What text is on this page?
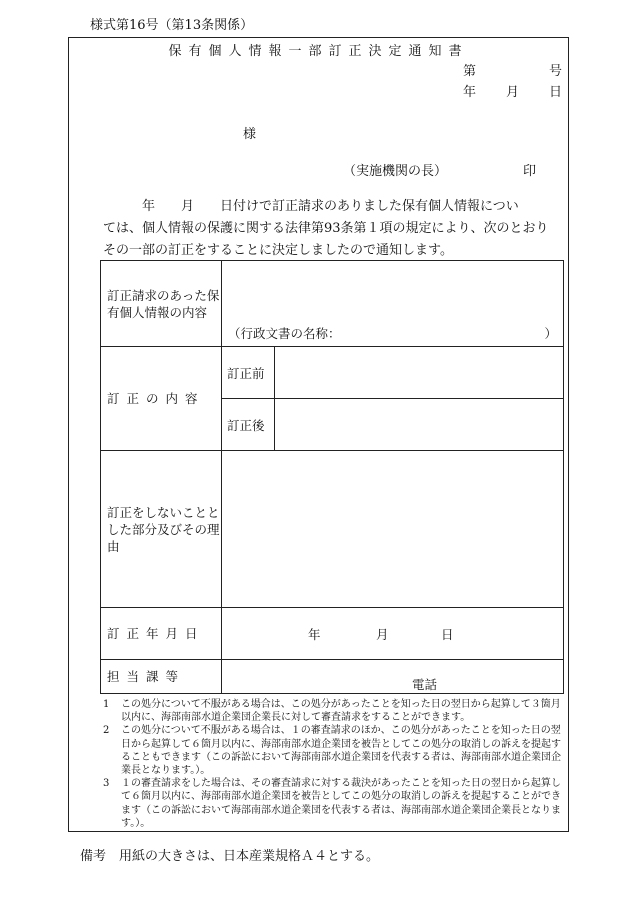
様式第16号（第13条関係）
保有個人情報一部訂正決定通知書
第	号
年 月 日
様
（実施機関の長）	印
　　　年　　月　　日付けで訂正請求のありました保有個人情報につい
ては、個人情報の保護に関する法律第93条第１項の規定により、次のとおり
その一部の訂正をすることに決定しましたので通知します。
訂正請求のあった保有個人情報の内容	（行政文書の名称： ）	

訂正の内容	訂正前	
	訂正後	
訂正をしないこととした部分及びその理由		
訂正年月日	年 月 日	

担当課等	電話	
1	この処分について不服がある場合は、この処分があったことを知った日の翌日から起算して３箇月以内に、海部南部水道企業団企業長に対して審査請求をすることができます。
2	この処分について不服がある場合は、１の審査請求のほか、この処分があったことを知った日の翌日から起算して６箇月以内に、海部南部水道企業団を被告としてこの処分の取消しの訴えを提起することもできます（この訴訟において海部南部水道企業団を代表する者は、海部南部水道企業団企業長となります。）。
3	１の審査請求をした場合は、その審査請求に対する裁決があったことを知った日の翌日から起算して６箇月以内に、海部南部水道企業団を被告としてこの処分の取消しの訴えを提起することができます（この訴訟において海部南部水道企業団を代表する者は、海部南部水道企業団企業長となります。）。
備考　用紙の大きさは、日本産業規格Ａ４とする。
